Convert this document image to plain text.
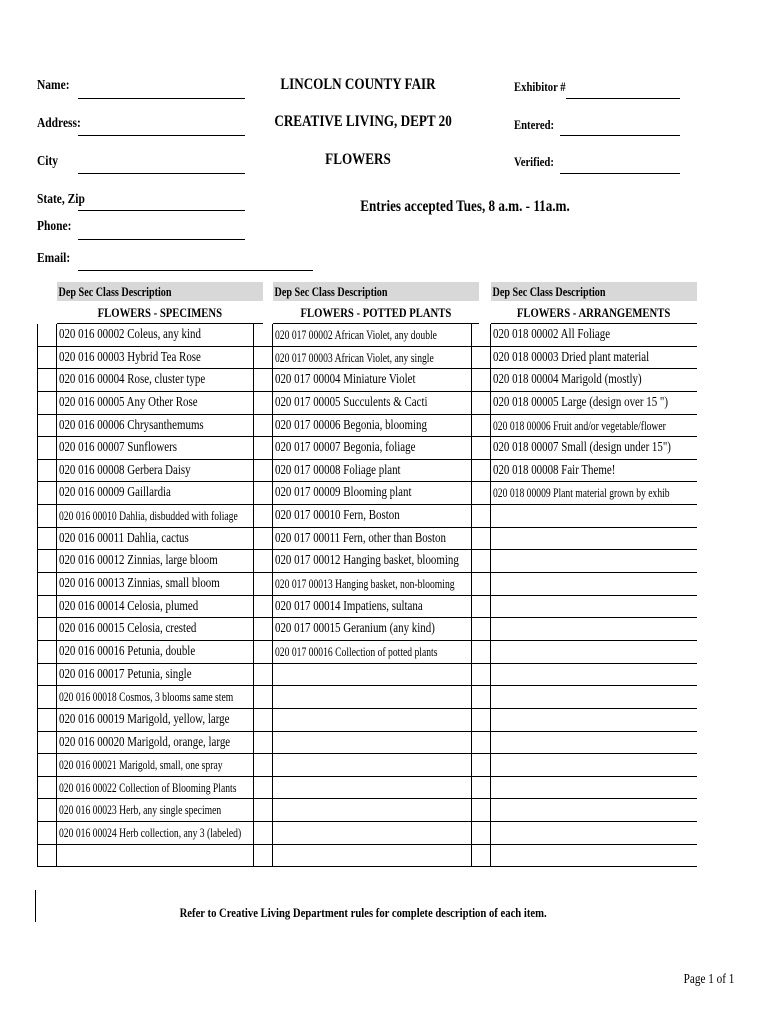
Name:
Address:
City
State, Zip
Phone:
Email:
LINCOLN COUNTY FAIR
CREATIVE LIVING, DEPT 20
FLOWERS
Entries accepted Tues, 8 a.m. - 11a.m.
Exhibitor #
Entered:
Verified:
Dep Sec Class Description
FLOWERS - SPECIMENS
020 016 00002 Coleus, any kind
020 016 00003 Hybrid Tea Rose
020 016 00004 Rose, cluster type
020 016 00005 Any Other Rose
020 016 00006 Chrysanthemums
020 016 00007 Sunflowers
020 016 00008 Gerbera Daisy
020 016 00009 Gaillardia
020 016 00010 Dahlia, disbudded with foliage
020 016 00011 Dahlia, cactus
020 016 00012 Zinnias, large bloom
020 016 00013 Zinnias, small bloom
020 016 00014 Celosia, plumed
020 016 00015 Celosia, crested
020 016 00016 Petunia, double
020 016 00017 Petunia, single
020 016 00018 Cosmos, 3 blooms same stem
020 016 00019 Marigold, yellow, large
020 016 00020 Marigold, orange, large
020 016 00021 Marigold, small, one spray
020 016 00022 Collection of Blooming Plants
020 016 00023 Herb, any single specimen
020 016 00024 Herb collection, any 3 (labeled)
Dep Sec Class Description
FLOWERS - POTTED PLANTS
020 017 00002 African Violet, any double
020 017 00003 African Violet, any single
020 017 00004 Miniature Violet
020 017 00005 Succulents & Cacti
020 017 00006 Begonia, blooming
020 017 00007 Begonia, foliage
020 017 00008 Foliage plant
020 017 00009 Blooming plant
020 017 00010 Fern, Boston
020 017 00011 Fern, other than Boston
020 017 00012 Hanging basket, blooming
020 017 00013 Hanging basket, non-blooming
020 017 00014 Impatiens, sultana
020 017 00015 Geranium (any kind)
020 017 00016 Collection of potted plants
Dep Sec Class Description
FLOWERS - ARRANGEMENTS
020 018 00002 All Foliage
020 018 00003 Dried plant material
020 018 00004 Marigold (mostly)
020 018 00005 Large (design over 15 ")
020 018 00006 Fruit and/or vegetable/flower
020 018 00007 Small (design under 15")
020 018 00008 Fair Theme!
020 018 00009 Plant material grown by exhib
Refer to Creative Living Department rules for complete description of each item.
Page 1 of 1
